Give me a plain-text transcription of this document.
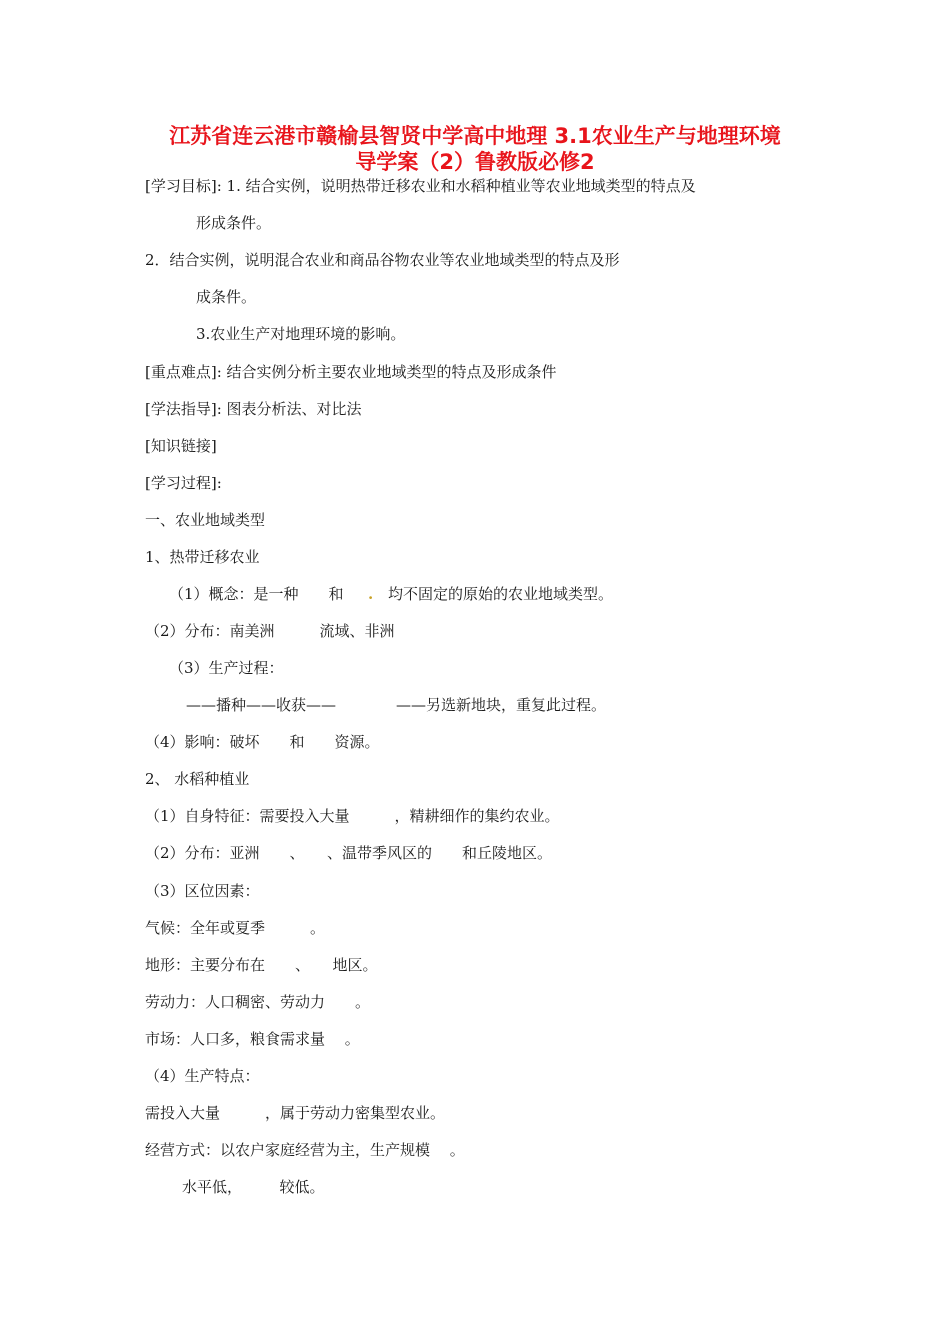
江苏省连云港市赣榆县智贤中学高中地理 3.1农业生产与地理环境
导学案（2）鲁教版必修2
[学习目标]: 1. 结合实例，说明热带迁移农业和水稻种植业等农业地域类型的特点及
形成条件。
2．结合实例，说明混合农业和商品谷物农业等农业地域类型的特点及形
成条件。
3.农业生产对地理环境的影响。
[重点难点]: 结合实例分析主要农业地域类型的特点及形成条件
[学法指导]: 图表分析法、对比法
[知识链接]
[学习过程]:
一、农业地域类型
1、热带迁移农业
（1）概念：是一种　　和 . 均不固定的原始的农业地域类型。
（2）分布：南美洲　　　流域、非洲
（3）生产过程：
——播种——收获——　　　　——另选新地块，重复此过程。
（4）影响：破坏　　和　　资源。
2、 水稻种植业
（1）自身特征：需要投入大量　　　，精耕细作的集约农业。
（2）分布：亚洲　　、　　、温带季风区的　　和丘陵地区。
（3）区位因素：
气候：全年或夏季　　　。
地形：主要分布在　　、　　地区。
劳动力：人口稠密、劳动力　　。
市场：人口多，粮食需求量　 。
（4）生产特点：
需投入大量　　　，属于劳动力密集型农业。
经营方式：以农户家庭经营为主，生产规模　 。
水平低，　　　较低。
